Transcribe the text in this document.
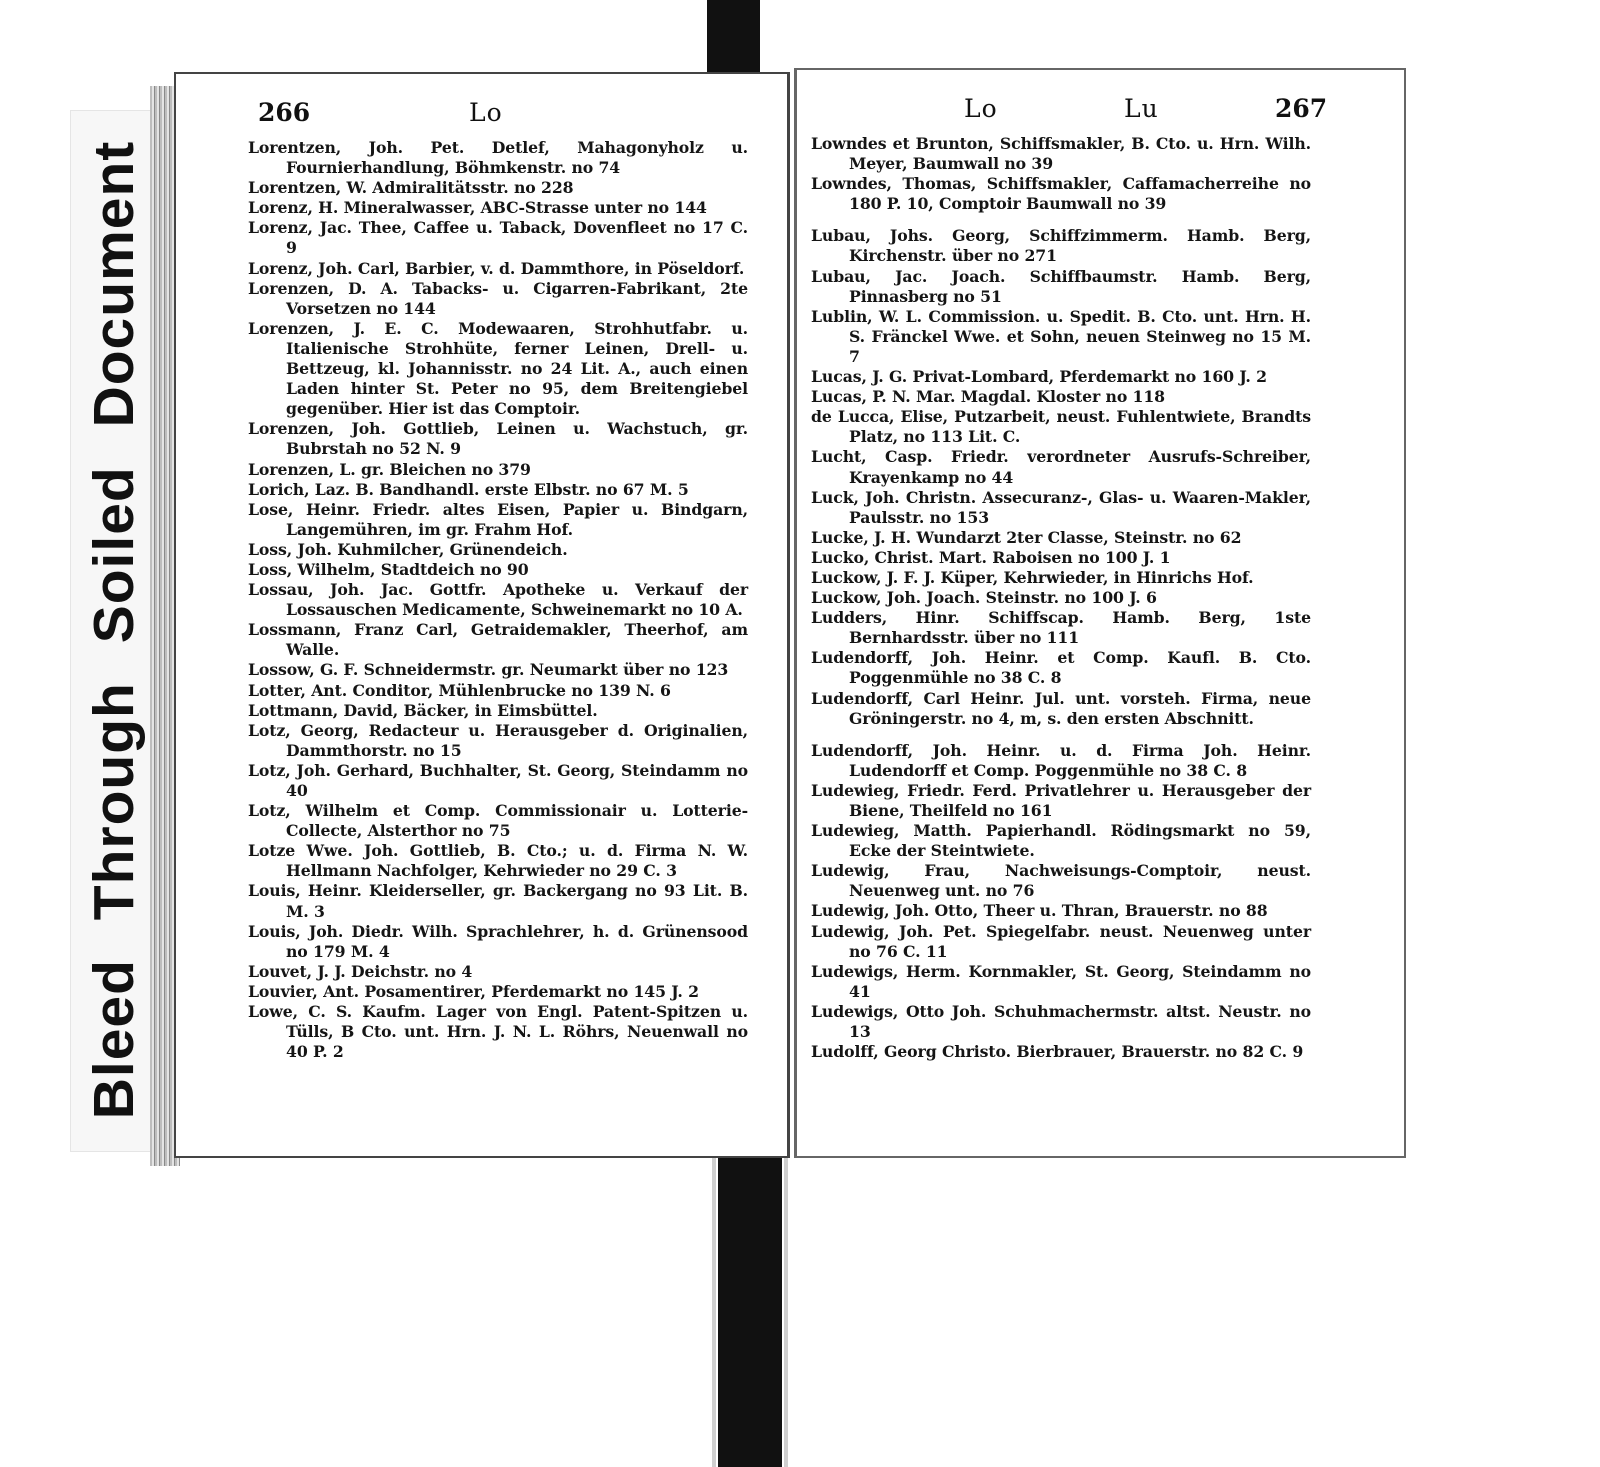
Bleed Through Soiled Document
266	Lo
Lorentzen, Joh. Pet. Detlef, Mahagonyholz u. Fournierhandlung, Böhmkenstr. no 74
Lorentzen, W. Admiralitätsstr. no 228
Lorenz, H. Mineralwasser, ABC-Strasse unter no 144
Lorenz, Jac. Thee, Caffee u. Taback, Dovenfleet no 17 C. 9
Lorenz, Joh. Carl, Barbier, v. d. Dammthore, in Pöseldorf.
Lorenzen, D. A. Tabacks- u. Cigarren-Fabrikant, 2te Vorsetzen no 144
Lorenzen, J. E. C. Modewaaren, Strohhutfabr. u. Italienische Strohhüte, ferner Leinen, Drell- u. Bettzeug, kl. Johannisstr. no 24 Lit. A., auch einen Laden hinter St. Peter no 95, dem Breitengiebel gegenüber. Hier ist das Comptoir.
Lorenzen, Joh. Gottlieb, Leinen u. Wachstuch, gr. Bubrstah no 52 N. 9
Lorenzen, L. gr. Bleichen no 379
Lorich, Laz. B. Bandhandl. erste Elbstr. no 67 M. 5
Lose, Heinr. Friedr. altes Eisen, Papier u. Bindgarn, Langemühren, im gr. Frahm Hof.
Loss, Joh. Kuhmilcher, Grünendeich.
Loss, Wilhelm, Stadtdeich no 90
Lossau, Joh. Jac. Gottfr. Apotheke u. Verkauf der Lossauschen Medicamente, Schweinemarkt no 10 A.
Lossmann, Franz Carl, Getraidemakler, Theerhof, am Walle.
Lossow, G. F. Schneidermstr. gr. Neumarkt über no 123
Lotter, Ant. Conditor, Mühlenbrucke no 139 N. 6
Lottmann, David, Bäcker, in Eimsbüttel.
Lotz, Georg, Redacteur u. Herausgeber d. Originalien, Dammthorstr. no 15
Lotz, Joh. Gerhard, Buchhalter, St. Georg, Steindamm no 40
Lotz, Wilhelm et Comp. Commissionair u. Lotterie-Collecte, Alsterthor no 75
Lotze Wwe. Joh. Gottlieb, B. Cto.; u. d. Firma N. W. Hellmann Nachfolger, Kehrwieder no 29 C. 3
Louis, Heinr. Kleiderseller, gr. Backergang no 93 Lit. B. M. 3
Louis, Joh. Diedr. Wilh. Sprachlehrer, h. d. Grünensood no 179 M. 4
Louvet, J. J. Deichstr. no 4
Louvier, Ant. Posamentirer, Pferdemarkt no 145 J. 2
Lowe, C. S. Kaufm. Lager von Engl. Patent-Spitzen u. Tülls, B Cto. unt. Hrn. J. N. L. Röhrs, Neuenwall no 40 P. 2
Lo	Lu	267
Lowndes et Brunton, Schiffsmakler, B. Cto. u. Hrn. Wilh. Meyer, Baumwall no 39
Lowndes, Thomas, Schiffsmakler, Caffamacherreihe no 180 P. 10, Comptoir Baumwall no 39
Lubau, Johs. Georg, Schiffzimmerm. Hamb. Berg, Kirchenstr. über no 271
Lubau, Jac. Joach. Schiffbaumstr. Hamb. Berg, Pinnasberg no 51
Lublin, W. L. Commission. u. Spedit. B. Cto. unt. Hrn. H. S. Fränckel Wwe. et Sohn, neuen Steinweg no 15 M. 7
Lucas, J. G. Privat-Lombard, Pferdemarkt no 160 J. 2
Lucas, P. N. Mar. Magdal. Kloster no 118
de Lucca, Elise, Putzarbeit, neust. Fuhlentwiete, Brandts Platz, no 113 Lit. C.
Lucht, Casp. Friedr. verordneter Ausrufs-Schreiber, Krayenkamp no 44
Luck, Joh. Christn. Assecuranz-, Glas- u. Waaren-Makler, Paulsstr. no 153
Lucke, J. H. Wundarzt 2ter Classe, Steinstr. no 62
Lucko, Christ. Mart. Raboisen no 100 J. 1
Luckow, J. F. J. Küper, Kehrwieder, in Hinrichs Hof.
Luckow, Joh. Joach. Steinstr. no 100 J. 6
Ludders, Hinr. Schiffscap. Hamb. Berg, 1ste Bernhardsstr. über no 111
Ludendorff, Joh. Heinr. et Comp. Kaufl. B. Cto. Poggenmühle no 38 C. 8
Ludendorff, Carl Heinr. Jul. unt. vorsteh. Firma, neue Gröningerstr. no 4, m, s. den ersten Abschnitt.
Ludendorff, Joh. Heinr. u. d. Firma Joh. Heinr. Ludendorff et Comp. Poggenmühle no 38 C. 8
Ludewieg, Friedr. Ferd. Privatlehrer u. Herausgeber der Biene, Theilfeld no 161
Ludewieg, Matth. Papierhandl. Rödingsmarkt no 59, Ecke der Steintwiete.
Ludewig, Frau, Nachweisungs-Comptoir, neust. Neuenweg unt. no 76
Ludewig, Joh. Otto, Theer u. Thran, Brauerstr. no 88
Ludewig, Joh. Pet. Spiegelfabr. neust. Neuenweg unter no 76 C. 11
Ludewigs, Herm. Kornmakler, St. Georg, Steindamm no 41
Ludewigs, Otto Joh. Schuhmachermstr. altst. Neustr. no 13
Ludolff, Georg Christo. Bierbrauer, Brauerstr. no 82 C. 9
